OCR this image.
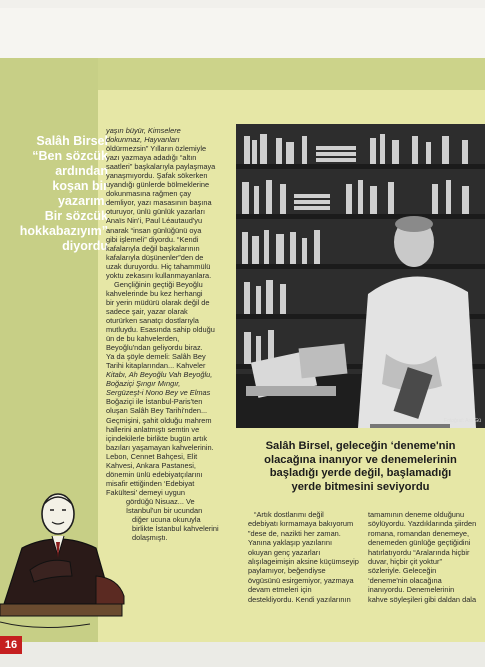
Salâh Birsel
“Ben sözcük
ardından
koşan bir
yazarım.
Bir sözcük
hokkabazıyım”
diyordu
yaşın büyür, Kimselere
dokunmaz, Hayvanları
öldürmezsin” Yılların özlemiyle
yazı yazmaya adadığı “altın
saatleri” başkalarıyla paylaşmaya
yanaşmıyordu. Şafak sökerken
uyandığı günlerde bölmeklerine
dokunmasına rağmen çay
demliyor, yazı masasının başına
oturuyor, ünlü günlük yazarları
Anaïs Nin'i, Paul Léautaud'yu
anarak “insan günlüğünü oya
gibi işlemeli” diyordu. “Kendi
kafalarıyla değil başkalarının
kafalarıyla düşünenler”den de
uzak duruyordu. Hiç tahammülü
yoktu zekasını kullanmayanlara.
Gençliğinin geçtiği Beyoğlu
kahvelerinde bu kez herhangi
bir yerin müdürü olarak değil de
sadece şair, yazar olarak
oturürken sanatçı dostlarıyla
mutluydu. Esasında sahip olduğu
ün de bu kahvelerden,
Beyoğlu'ndan geliyordu biraz.
Ya da şöyle demeli: Salâh Bey
Tarihi kitaplarından... Kahveler
Kitabı, Ah Beyoğlu Vah Beyoğlu,
Boğaziçi Şıngır Mıngır,
Sergüzeşt-i Nono Bey ve Elmas
Boğaziçi ile İstanbul-Paris'ten
oluşan Salâh Bey Tarihi'nden...
Geçmişini, şahit olduğu mahrem
hallerini anlatmıştı semtin ve
içindekilerle birlikte bugün artık
bazıları yaşamayan kahvelerinin.
Lebon, Cennet Bahçesi, Elit
Kahvesi, Ankara Pastanesi,
dönemin ünlü edebiyatçılarını
misafir ettiğinden ‘Edebiyat
Fakültesi’ demeyi uygun
gördüğü Nisuaz... Ve
İstanbul'un bir ucundan
diğer ucuna okuruyla
birlikte İstanbul kahvelerini
dolaşmıştı.
Fotoğraf: Ara Gü
Salâh Birsel, geleceğin ‘deneme'nin
olacağına inanıyor ve denemelerinin
başladığı yerde değil, başlamadığı
yerde bitmesini seviyordu
“Artık dostlarımı değil
edebiyatı kırmamaya bakıyorum
”dese de, nazikti her zaman.
Yanına yaklaşıp yazılarını
okuyan genç yazarları
alışılageimişin aksine küçümseyip
paylamıyor, beğendiyse
övgüsünü esirgemiyor, yazmaya
devam etmeleri için
destekliyordu. Kendi yazılarının
tamamının deneme olduğunu
söylüyordu. Yazdıklarında şiirden
romana, romandan denemeye,
denemeden günlüğe geçtiğidini
hatırlatıyordu “Aralarında hiçbir
duvar, hiçbir çit yoktur”
sözleriyle. Geleceğin
‘deneme'nin olacağına
inanıyordu. Denemelerinin
kahve söyleşileri gibi daldan dala
16
